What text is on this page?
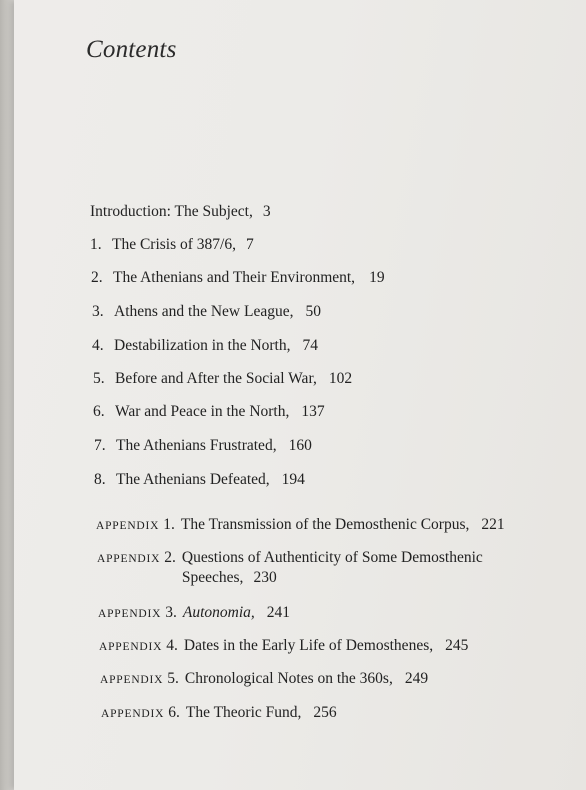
Contents
Introduction: The Subject, 3
1. The Crisis of 387/6, 7
2. The Athenians and Their Environment, 19
3. Athens and the New League, 50
4. Destabilization in the North, 74
5. Before and After the Social War, 102
6. War and Peace in the North, 137
7. The Athenians Frustrated, 160
8. The Athenians Defeated, 194
APPENDIX 1. The Transmission of the Demosthenic Corpus, 221
APPENDIX 2. Questions of Authenticity of Some Demosthenic
Speeches, 230
APPENDIX 3. Autonomia, 241
APPENDIX 4. Dates in the Early Life of Demosthenes, 245
APPENDIX 5. Chronological Notes on the 360s, 249
APPENDIX 6. The Theoric Fund, 256
